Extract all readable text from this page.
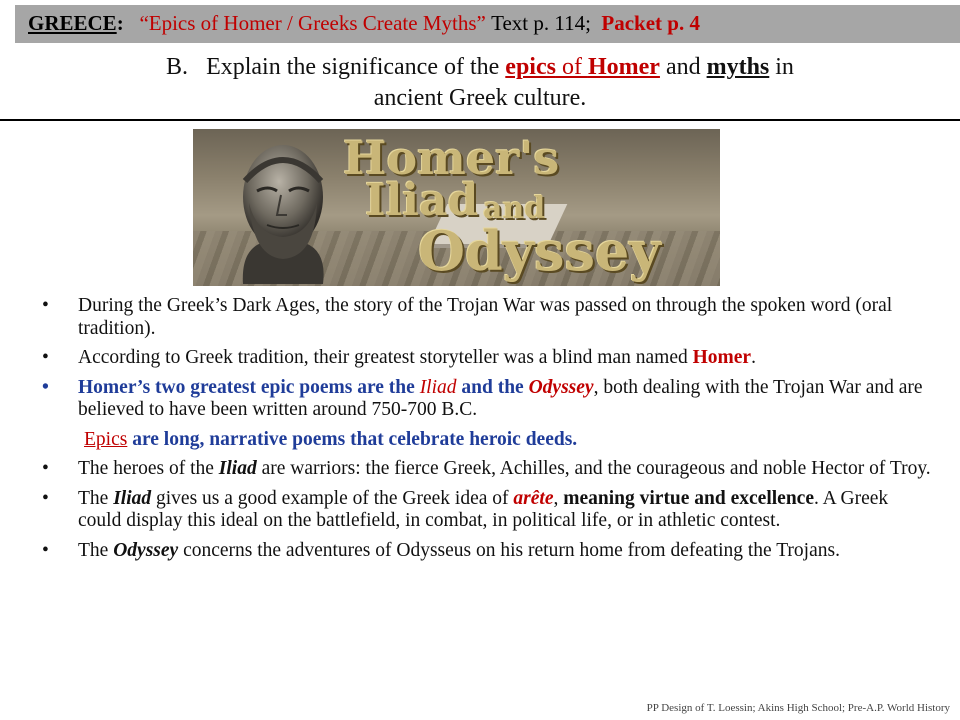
GREECE: “Epics of Homer / Greeks Create Myths” Text p. 114; Packet p. 4
B. Explain the significance of the epics of Homer and myths in
ancient Greek culture.
Homer's
Iliad and
Odyssey
• During the Greek’s Dark Ages, the story of the Trojan War was passed on through the spoken word (oral tradition).
• According to Greek tradition, their greatest storyteller was a blind man named Homer.
• Homer’s two greatest epic poems are the Iliad and the Odyssey, both dealing with the Trojan War and are believed to have been written around 750-700 B.C.
Epics are long, narrative poems that celebrate heroic deeds.
• The heroes of the Iliad are warriors: the fierce Greek, Achilles, and the courageous and noble Hector of Troy.
• The Iliad gives us a good example of the Greek idea of arête, meaning virtue and excellence. A Greek could display this ideal on the battlefield, in combat, in political life, or in athletic contest.
• The Odyssey concerns the adventures of Odysseus on his return home from defeating the Trojans.
PP Design of T. Loessin; Akins High School; Pre-A.P. World History
